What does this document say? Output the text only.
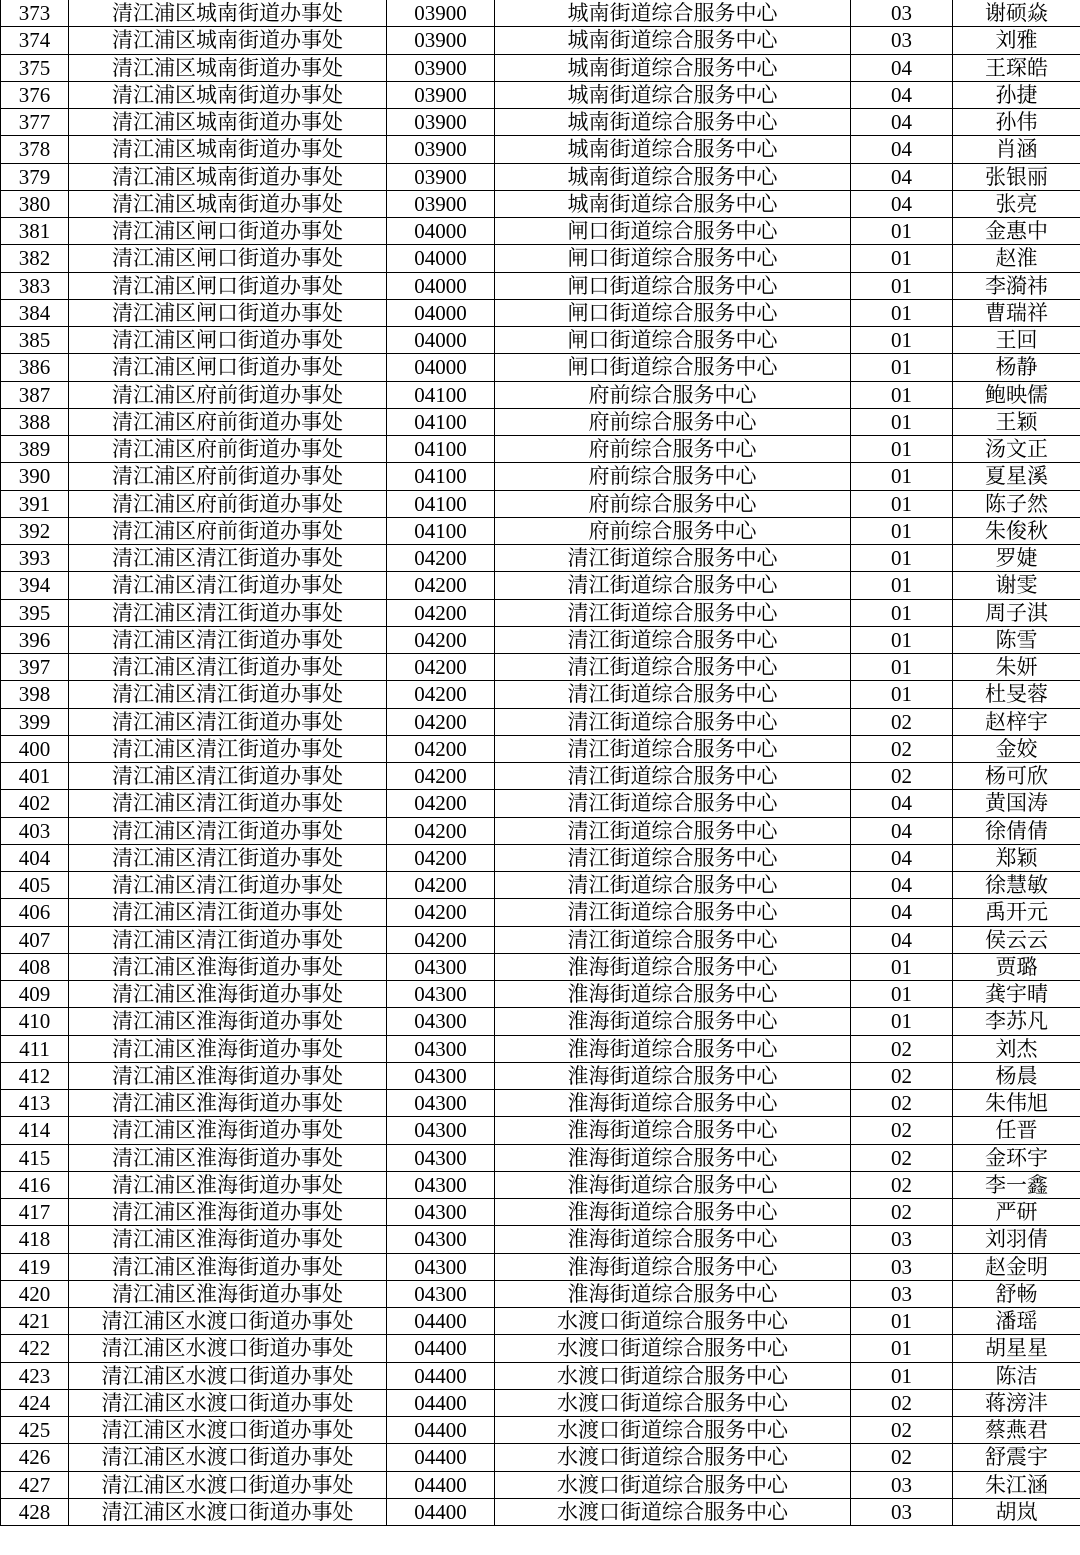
373	清江浦区城南街道办事处	03900	城南街道综合服务中心	03	谢硕焱
374	清江浦区城南街道办事处	03900	城南街道综合服务中心	03	刘雅
375	清江浦区城南街道办事处	03900	城南街道综合服务中心	04	王琛皓
376	清江浦区城南街道办事处	03900	城南街道综合服务中心	04	孙捷
377	清江浦区城南街道办事处	03900	城南街道综合服务中心	04	孙伟
378	清江浦区城南街道办事处	03900	城南街道综合服务中心	04	肖涵
379	清江浦区城南街道办事处	03900	城南街道综合服务中心	04	张银丽
380	清江浦区城南街道办事处	03900	城南街道综合服务中心	04	张亮
381	清江浦区闸口街道办事处	04000	闸口街道综合服务中心	01	金惠中
382	清江浦区闸口街道办事处	04000	闸口街道综合服务中心	01	赵淮
383	清江浦区闸口街道办事处	04000	闸口街道综合服务中心	01	李漪祎
384	清江浦区闸口街道办事处	04000	闸口街道综合服务中心	01	曹瑞祥
385	清江浦区闸口街道办事处	04000	闸口街道综合服务中心	01	王回
386	清江浦区闸口街道办事处	04000	闸口街道综合服务中心	01	杨静
387	清江浦区府前街道办事处	04100	府前综合服务中心	01	鲍映儒
388	清江浦区府前街道办事处	04100	府前综合服务中心	01	王颖
389	清江浦区府前街道办事处	04100	府前综合服务中心	01	汤文正
390	清江浦区府前街道办事处	04100	府前综合服务中心	01	夏星溪
391	清江浦区府前街道办事处	04100	府前综合服务中心	01	陈子然
392	清江浦区府前街道办事处	04100	府前综合服务中心	01	朱俊秋
393	清江浦区清江街道办事处	04200	清江街道综合服务中心	01	罗婕
394	清江浦区清江街道办事处	04200	清江街道综合服务中心	01	谢雯
395	清江浦区清江街道办事处	04200	清江街道综合服务中心	01	周子淇
396	清江浦区清江街道办事处	04200	清江街道综合服务中心	01	陈雪
397	清江浦区清江街道办事处	04200	清江街道综合服务中心	01	朱妍
398	清江浦区清江街道办事处	04200	清江街道综合服务中心	01	杜旻蓉
399	清江浦区清江街道办事处	04200	清江街道综合服务中心	02	赵梓宇
400	清江浦区清江街道办事处	04200	清江街道综合服务中心	02	金姣
401	清江浦区清江街道办事处	04200	清江街道综合服务中心	02	杨可欣
402	清江浦区清江街道办事处	04200	清江街道综合服务中心	04	黄国涛
403	清江浦区清江街道办事处	04200	清江街道综合服务中心	04	徐倩倩
404	清江浦区清江街道办事处	04200	清江街道综合服务中心	04	郑颖
405	清江浦区清江街道办事处	04200	清江街道综合服务中心	04	徐慧敏
406	清江浦区清江街道办事处	04200	清江街道综合服务中心	04	禹开元
407	清江浦区清江街道办事处	04200	清江街道综合服务中心	04	侯云云
408	清江浦区淮海街道办事处	04300	淮海街道综合服务中心	01	贾璐
409	清江浦区淮海街道办事处	04300	淮海街道综合服务中心	01	龚宇晴
410	清江浦区淮海街道办事处	04300	淮海街道综合服务中心	01	李苏凡
411	清江浦区淮海街道办事处	04300	淮海街道综合服务中心	02	刘杰
412	清江浦区淮海街道办事处	04300	淮海街道综合服务中心	02	杨晨
413	清江浦区淮海街道办事处	04300	淮海街道综合服务中心	02	朱伟旭
414	清江浦区淮海街道办事处	04300	淮海街道综合服务中心	02	任晋
415	清江浦区淮海街道办事处	04300	淮海街道综合服务中心	02	金环宇
416	清江浦区淮海街道办事处	04300	淮海街道综合服务中心	02	李一鑫
417	清江浦区淮海街道办事处	04300	淮海街道综合服务中心	02	严研
418	清江浦区淮海街道办事处	04300	淮海街道综合服务中心	03	刘羽倩
419	清江浦区淮海街道办事处	04300	淮海街道综合服务中心	03	赵金明
420	清江浦区淮海街道办事处	04300	淮海街道综合服务中心	03	舒畅
421	清江浦区水渡口街道办事处	04400	水渡口街道综合服务中心	01	潘瑶
422	清江浦区水渡口街道办事处	04400	水渡口街道综合服务中心	01	胡星星
423	清江浦区水渡口街道办事处	04400	水渡口街道综合服务中心	01	陈洁
424	清江浦区水渡口街道办事处	04400	水渡口街道综合服务中心	02	蒋滂沣
425	清江浦区水渡口街道办事处	04400	水渡口街道综合服务中心	02	蔡燕君
426	清江浦区水渡口街道办事处	04400	水渡口街道综合服务中心	02	舒震宇
427	清江浦区水渡口街道办事处	04400	水渡口街道综合服务中心	03	朱江涵
428	清江浦区水渡口街道办事处	04400	水渡口街道综合服务中心	03	胡岚
